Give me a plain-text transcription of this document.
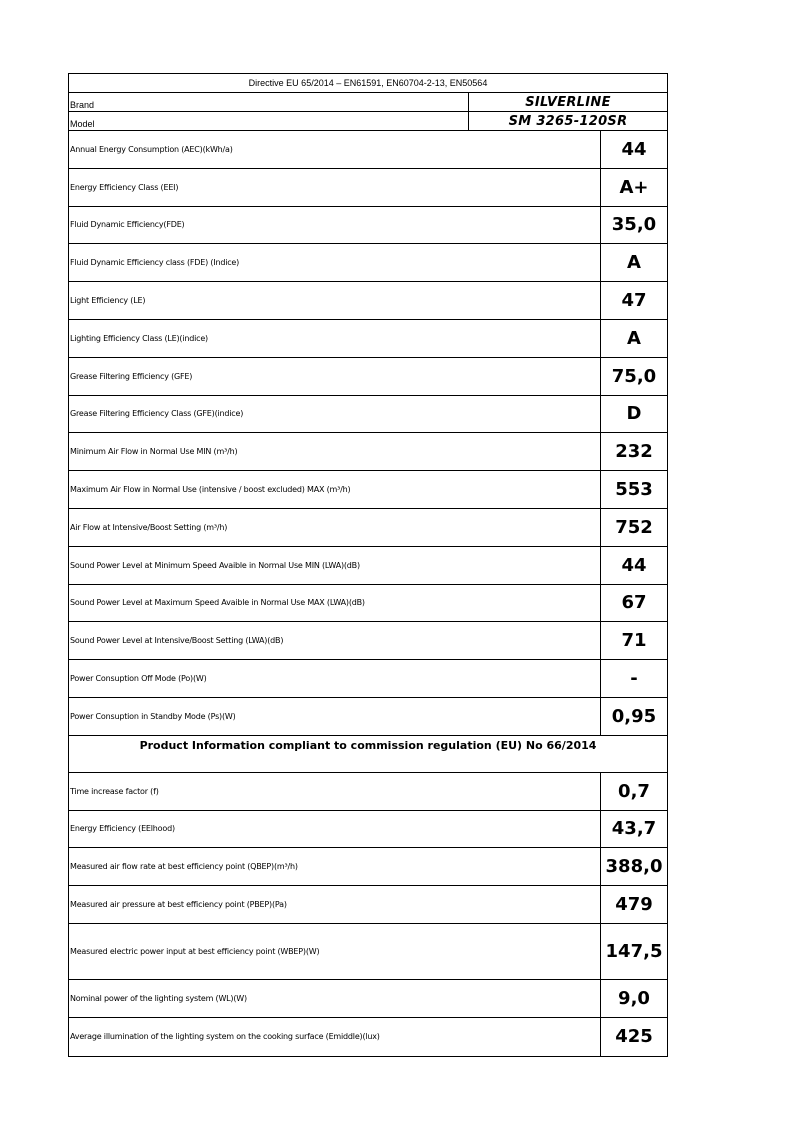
Directive EU 65/2014 – EN61591, EN60704-2-13, EN50564
Brand	SILVERLINE
Model	SM 3265-120SR
Annual Energy Consumption (AEC)(kWh/a)	44
Energy Efficiency Class (EEI)	A+
Fluid Dynamic Efficiency(FDE)	35,0
Fluid Dynamic Efficiency class (FDE) (Indice)	A
Light Efficiency (LE)	47
Lighting Efficiency Class (LE)(indice)	A
Grease Filtering Efficiency (GFE)	75,0
Grease Filtering Efficiency Class (GFE)(indice)	D
Minimum Air Flow in Normal Use MIN (m³/h)	232
Maximum Air Flow in Normal Use (intensive / boost excluded) MAX (m³/h)	553
Air Flow at Intensive/Boost Setting (m³/h)	752
Sound Power Level at Minimum Speed Avaible in Normal Use MIN (LWA)(dB)	44
Sound Power Level at Maximum Speed Avaible in Normal Use MAX (LWA)(dB)	67
Sound Power Level at Intensive/Boost Setting (LWA)(dB)	71
Power Consuption Off Mode (Po)(W)	-
Power Consuption in Standby Mode (Ps)(W)	0,95
Product Information compliant to commission regulation (EU) No 66/2014
Time increase factor (f)	0,7
Energy Efficiency (EElhood)	43,7
Measured air flow rate at best efficiency point (QBEP)(m³/h)	388,0
Measured air pressure at best efficiency point (PBEP)(Pa)	479
Measured electric power input at best efficiency point (WBEP)(W)	147,5
Nominal power of the lighting system (WL)(W)	9,0
Average illumination of the lighting system on the cooking surface (Emiddle)(lux)	425
